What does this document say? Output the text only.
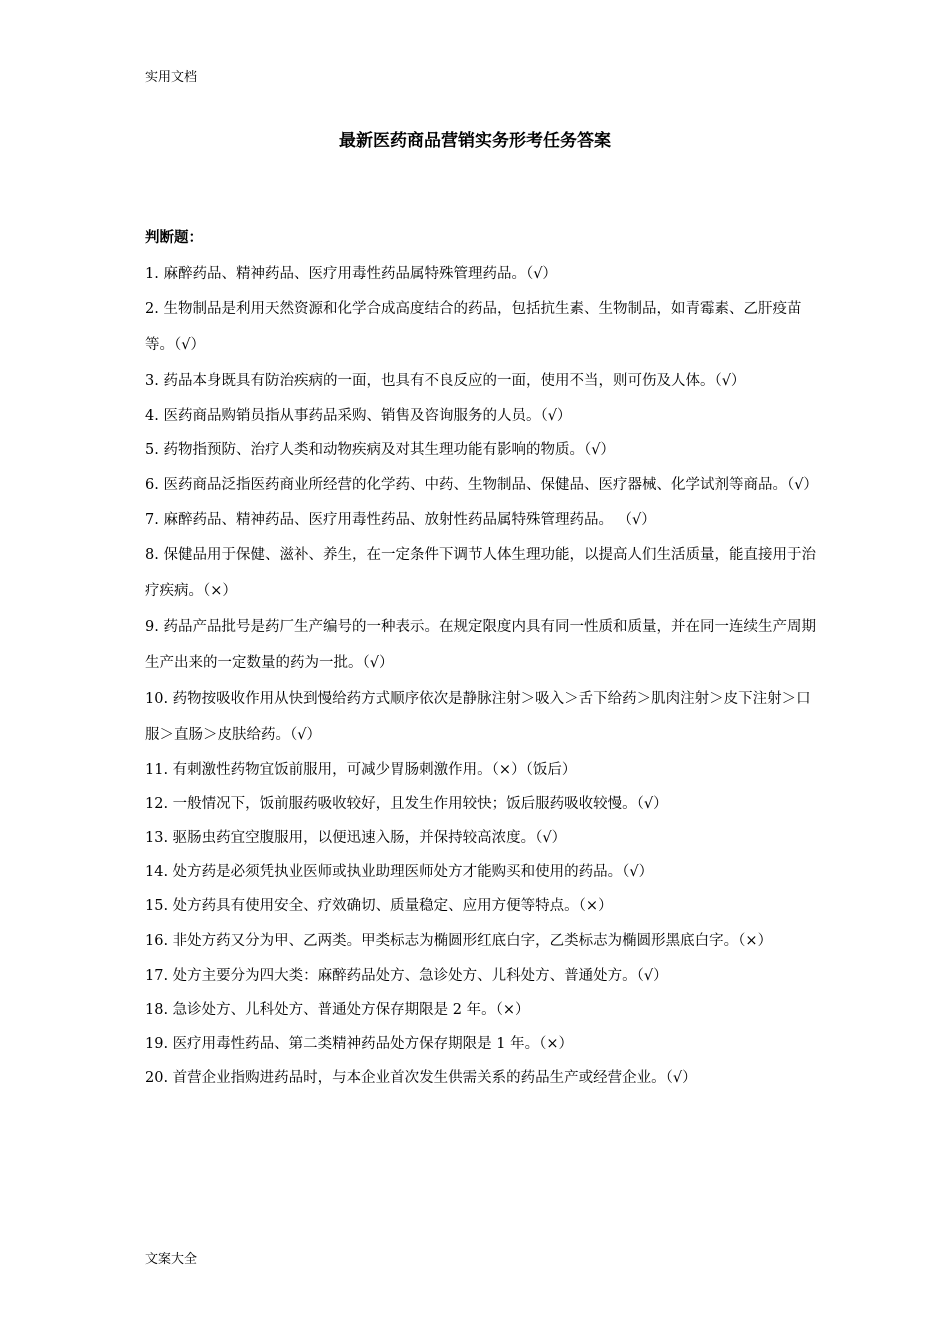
实用文档
最新医药商品营销实务形考任务答案
判断题：

1. 麻醉药品、精神药品、医疗用毒性药品属特殊管理药品。（√）

2. 生物制品是利用天然资源和化学合成高度结合的药品，包括抗生素、生物制品，如青霉素、乙肝疫苗等。（√）

3. 药品本身既具有防治疾病的一面，也具有不良反应的一面，使用不当，则可伤及人体。（√）

4. 医药商品购销员指从事药品采购、销售及咨询服务的人员。（√）

5. 药物指预防、治疗人类和动物疾病及对其生理功能有影响的物质。（√）

6. 医药商品泛指医药商业所经营的化学药、中药、生物制品、保健品、医疗器械、化学试剂等商品。（√）

7. 麻醉药品、精神药品、医疗用毒性药品、放射性药品属特殊管理药品。 （√）

8. 保健品用于保健、滋补、养生，在一定条件下调节人体生理功能，以提高人们生活质量，能直接用于治疗疾病。（×）

9. 药品产品批号是药厂生产编号的一种表示。在规定限度内具有同一性质和质量，并在同一连续生产周期生产出来的一定数量的药为一批。（√）

10. 药物按吸收作用从快到慢给药方式顺序依次是静脉注射＞吸入＞舌下给药＞肌肉注射＞皮下注射＞口服＞直肠＞皮肤给药。（√）

11. 有刺激性药物宜饭前服用，可减少胃肠刺激作用。（×）（饭后）

12. 一般情况下，饭前服药吸收较好，且发生作用较快；饭后服药吸收较慢。（√）

13. 驱肠虫药宜空腹服用，以便迅速入肠，并保持较高浓度。（√）

14. 处方药是必须凭执业医师或执业助理医师处方才能购买和使用的药品。（√）

15. 处方药具有使用安全、疗效确切、质量稳定、应用方便等特点。（×）

16. 非处方药又分为甲、乙两类。甲类标志为椭圆形红底白字，乙类标志为椭圆形黑底白字。（×）

17. 处方主要分为四大类：麻醉药品处方、急诊处方、儿科处方、普通处方。（√）

18. 急诊处方、儿科处方、普通处方保存期限是 2 年。（×）

19. 医疗用毒性药品、第二类精神药品处方保存期限是 1 年。（×）

20. 首营企业指购进药品时，与本企业首次发生供需关系的药品生产或经营企业。（√）

文案大全
